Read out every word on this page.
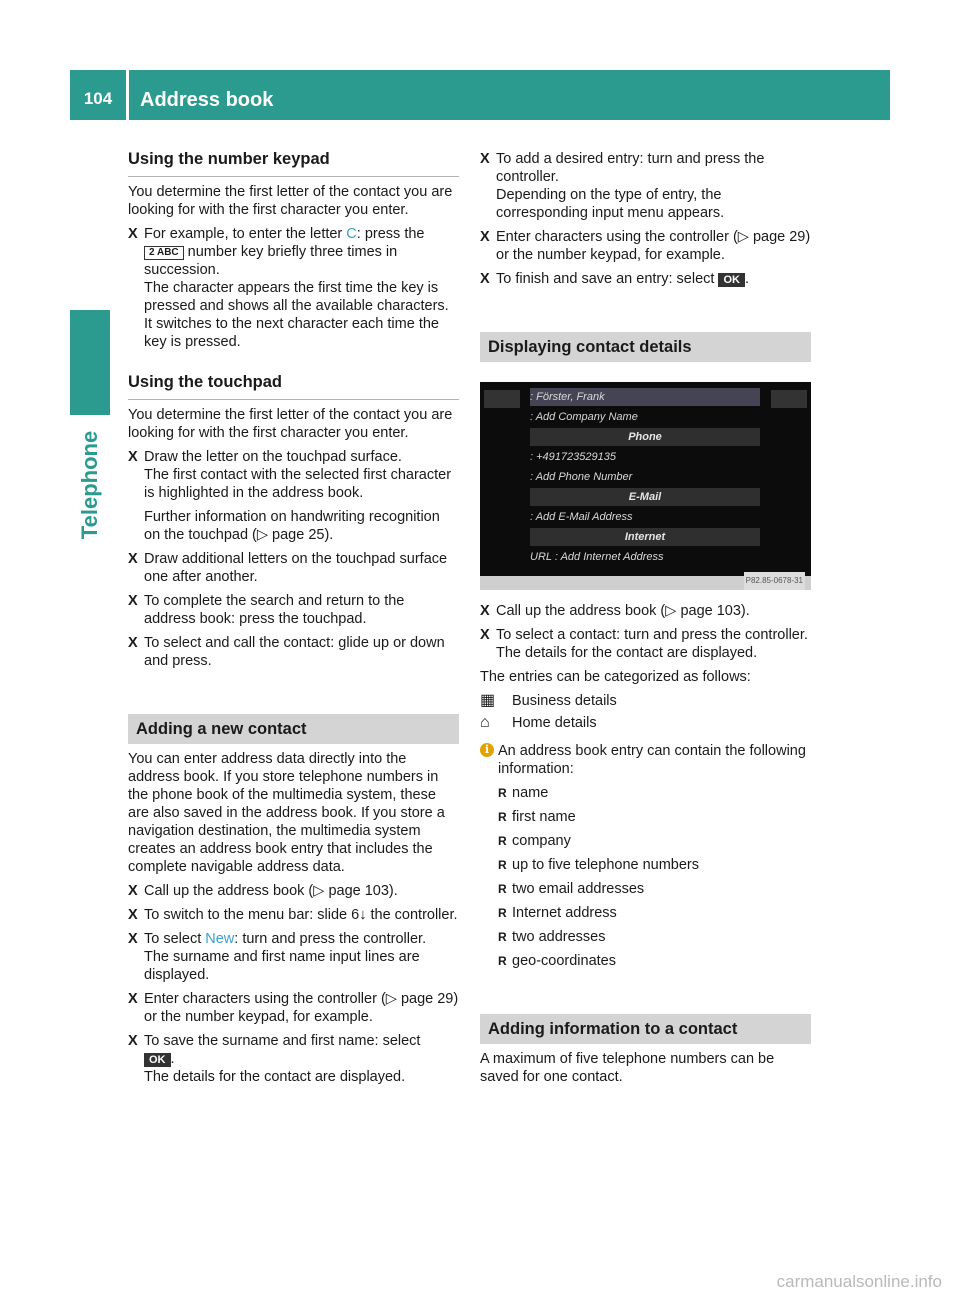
104	Address book
Telephone
Using the number keypad

You determine the first letter of the contact you are looking for with the first character you enter.

X For example, to enter the letter C: press the
2 ABC number key briefly three times in succession.
The character appears the first time the key is pressed and shows all the available characters. It switches to the next character each time the key is pressed.
Using the touchpad

You determine the first letter of the contact you are looking for with the first character you enter.

X Draw the letter on the touchpad surface.
The first contact with the selected first character is highlighted in the address book.

Further information on handwriting recognition on the touchpad (▷ page 25).

X Draw additional letters on the touchpad surface one after another.
X To complete the search and return to the address book: press the touchpad.
X To select and call the contact: glide up or down and press.
Adding a new contact

You can enter address data directly into the address book. If you store telephone numbers in the phone book of the multimedia system, these are also saved in the address book. If you store a navigation destination, the multimedia system creates an address book entry that includes the complete navigable address data.

X Call up the address book (▷ page 103).
X To switch to the menu bar: slide 6↓ the controller.
X To select New: turn and press the controller.
The surname and first name input lines are displayed.
X Enter characters using the controller (▷ page 29) or the number keypad, for example.
X To save the surname and first name: select
OK .
The details for the contact are displayed.
X To add a desired entry: turn and press the controller.
Depending on the type of entry, the corresponding input menu appears.
X Enter characters using the controller (▷ page 29) or the number keypad, for example.
X To finish and save an entry: select OK .
Displaying contact details
: Förster, Frank
: Add Company Name
Phone
: +491723529135
: Add Phone Number
E-Mail
: Add E-Mail Address
Internet
URL : Add Internet Address
P82.85-0678-31
X Call up the address book (▷ page 103).
X To select a contact: turn and press the controller.
The details for the contact are displayed.

The entries can be categorized as follows:

▦	Business details
⌂	Home details
i An address book entry can contain the following information:
R name
R first name
R company
R up to five telephone numbers
R two email addresses
R Internet address
R two addresses
R geo-coordinates
Adding information to a contact

A maximum of five telephone numbers can be saved for one contact.

carmanualsonline.info
